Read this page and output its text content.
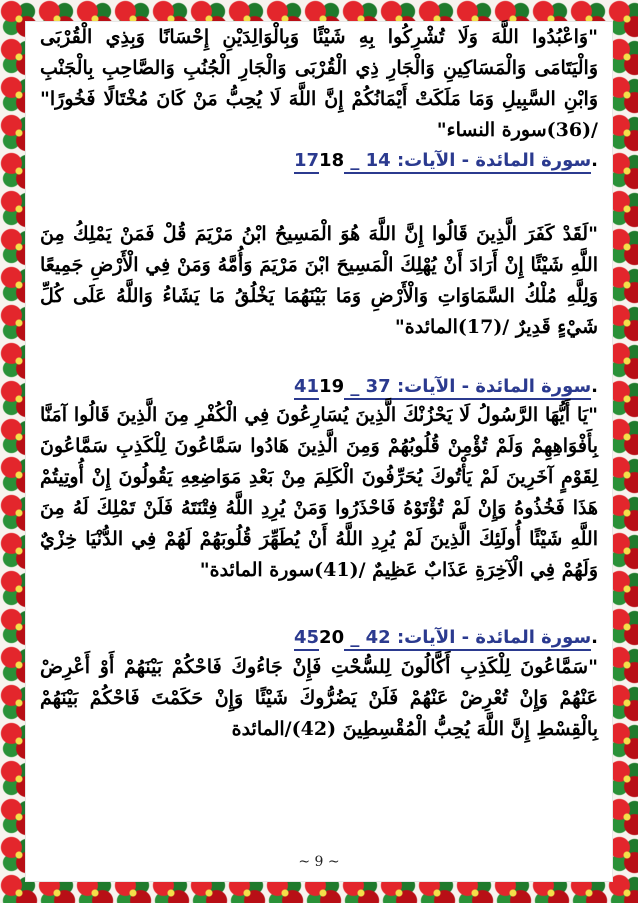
"وَاعْبُدُوا اللَّهَ وَلَا تُشْرِكُوا بِهِ شَيْئًا وَبِالْوَالِدَيْنِ إِحْسَانًا وَبِذِي الْقُرْبَى وَالْيَتَامَى وَالْمَسَاكِينِ وَالْجَارِ ذِي الْقُرْبَى وَالْجَارِ الْجُنُبِ وَالصَّاحِبِ بِالْجَنْبِ وَابْنِ السَّبِيلِ وَمَا مَلَكَتْ أَيْمَانُكُمْ إِنَّ اللَّهَ لَا يُحِبُّ مَنْ كَانَ مُخْتَالًا فَخُورًا" /(36)سورة النساء"

سورة المائدة - الآيات: 14 _ 1718.

"لَقَدْ كَفَرَ الَّذِينَ قَالُوا إِنَّ اللَّهَ هُوَ الْمَسِيحُ ابْنُ مَرْيَمَ قُلْ فَمَنْ يَمْلِكُ مِنَ اللَّهِ شَيْئًا إِنْ أَرَادَ أَنْ يُهْلِكَ الْمَسِيحَ ابْنَ مَرْيَمَ وَأُمَّهُ وَمَنْ فِي الْأَرْضِ جَمِيعًا وَلِلَّهِ مُلْكُ السَّمَاوَاتِ وَالْأَرْضِ وَمَا بَيْنَهُمَا يَخْلُقُ مَا يَشَاءُ وَاللَّهُ عَلَى كُلِّ شَيْءٍ قَدِيرٌ /(17)المائدة"

سورة المائدة - الآيات: 37 _ 4119.

"يَا أَيُّهَا الرَّسُولُ لَا يَحْزُنْكَ الَّذِينَ يُسَارِعُونَ فِي الْكُفْرِ مِنَ الَّذِينَ قَالُوا آمَنَّا بِأَفْوَاهِهِمْ وَلَمْ تُؤْمِنْ قُلُوبُهُمْ وَمِنَ الَّذِينَ هَادُوا سَمَّاعُونَ لِلْكَذِبِ سَمَّاعُونَ لِقَوْمٍ آخَرِينَ لَمْ يَأْتُوكَ يُحَرِّفُونَ الْكَلِمَ مِنْ بَعْدِ مَوَاضِعِهِ يَقُولُونَ إِنْ أُوتِيتُمْ هَذَا فَخُذُوهُ وَإِنْ لَمْ تُؤْتَوْهُ فَاحْذَرُوا وَمَنْ يُرِدِ اللَّهُ فِتْنَتَهُ فَلَنْ تَمْلِكَ لَهُ مِنَ اللَّهِ شَيْئًا أُولَئِكَ الَّذِينَ لَمْ يُرِدِ اللَّهُ أَنْ يُطَهِّرَ قُلُوبَهُمْ لَهُمْ فِي الدُّنْيَا خِزْيٌ وَلَهُمْ فِي الْآخِرَةِ عَذَابٌ عَظِيمٌ /(41)سورة المائدة"

سورة المائدة - الآيات: 42 _ 4520.

"سَمَّاعُونَ لِلْكَذِبِ أَكَّالُونَ لِلسُّحْتِ فَإِنْ جَاءُوكَ فَاحْكُمْ بَيْنَهُمْ أَوْ أَعْرِضْ عَنْهُمْ وَإِنْ تُعْرِضْ عَنْهُمْ فَلَنْ يَضُرُّوكَ شَيْئًا وَإِنْ حَكَمْتَ فَاحْكُمْ بَيْنَهُمْ بِالْقِسْطِ إِنَّ اللَّهَ يُحِبُّ الْمُقْسِطِينَ (42)/المائدة

~ 9 ~
